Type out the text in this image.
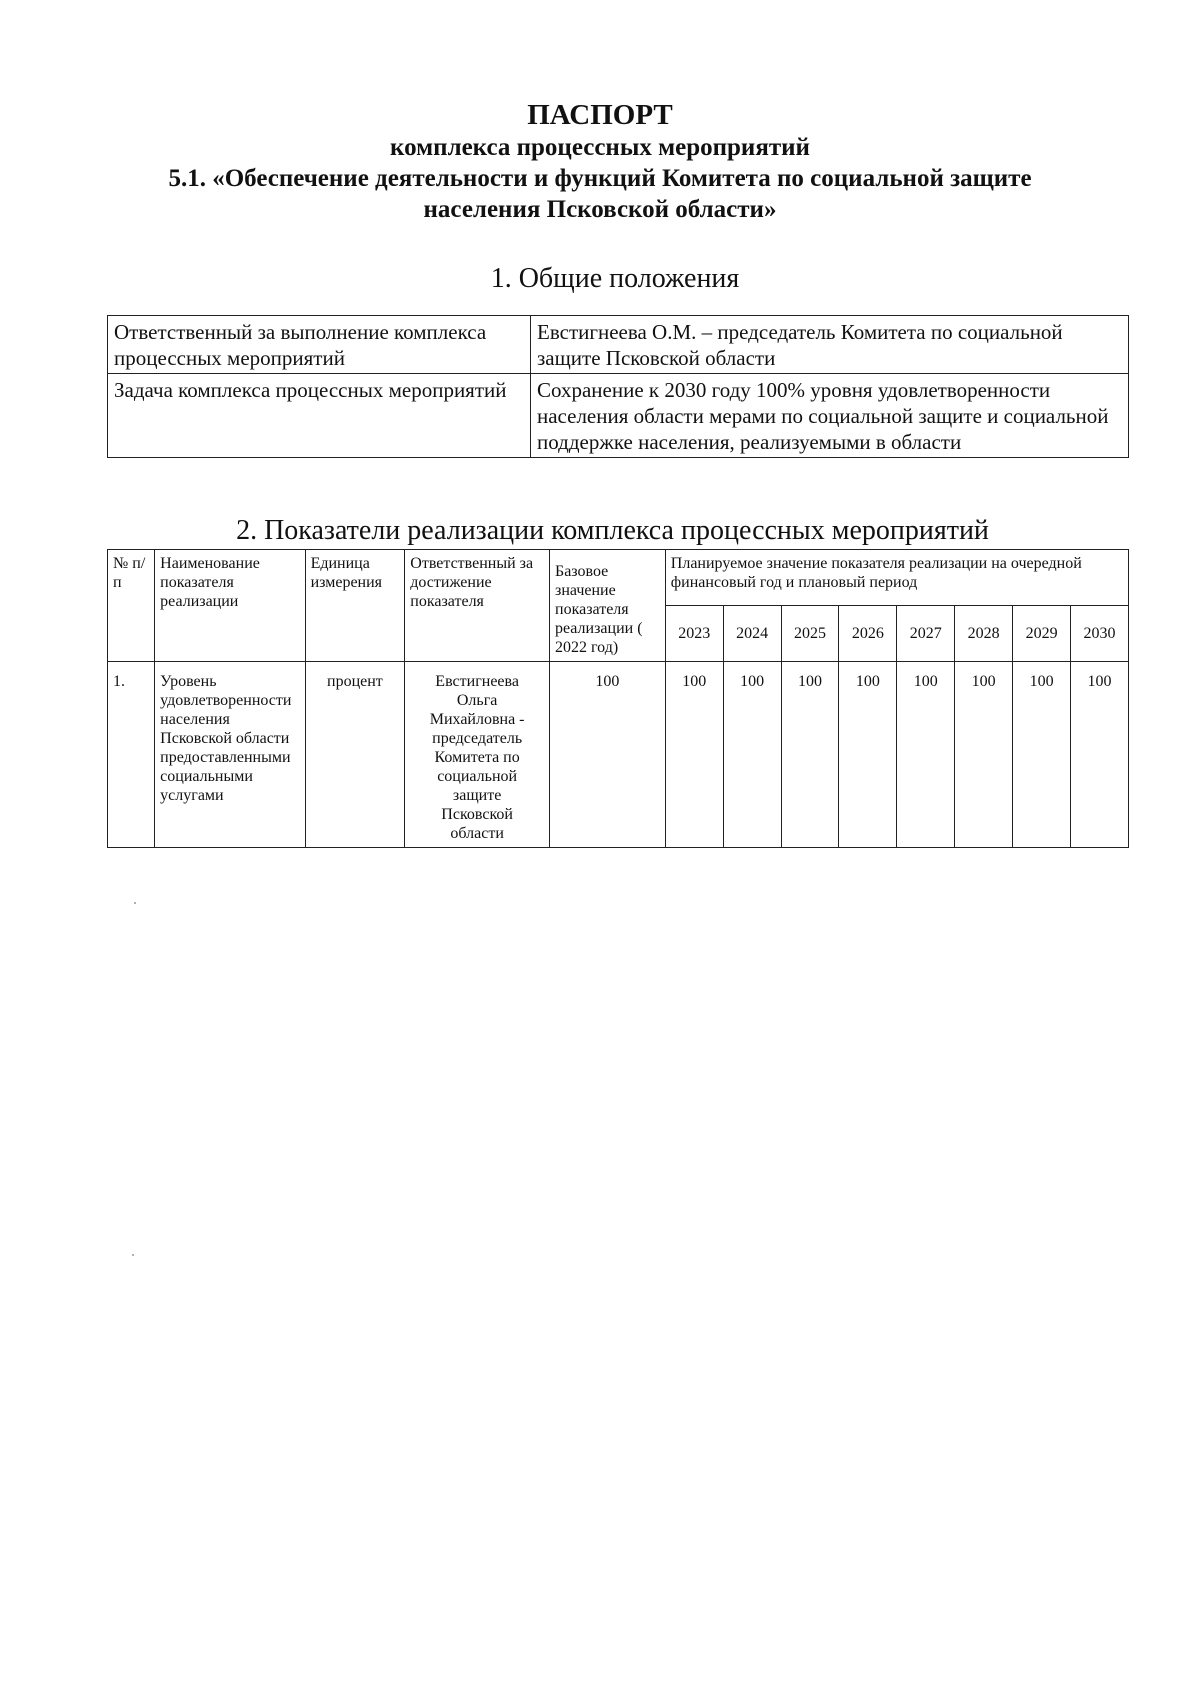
ПАСПОРТ
комплекса процессных мероприятий
5.1. «Обеспечение деятельности и функций Комитета по социальной защите
населения Псковской области»
1. Общие положения
Ответственный за выполнение комплекса процессных мероприятий	Евстигнеева О.М. – председатель Комитета по социальной защите Псковской области
Задача комплекса процессных мероприятий	Сохранение к 2030 году 100% уровня удовлетворенности населения области мерами по социальной защите и социальной поддержке населения, реализуемыми в области
2. Показатели реализации комплекса процессных мероприятий
№ п/п	Наименование показателя реализации	Единица измерения	Ответственный за достижение показателя	Базовое значение показателя реализации ( 2022 год)	Планируемое значение показателя реализации на очередной финансовый год и плановый период							
					2023	2024	2025	2026	2027	2028	2029	2030
1.	Уровень удовлетворенности населения Псковской области предоставленными социальными услугами	процент	Евстигнеева Ольга Михайловна - председатель Комитета по социальной защите Псковской области	100	100	100	100	100	100	100	100	100
